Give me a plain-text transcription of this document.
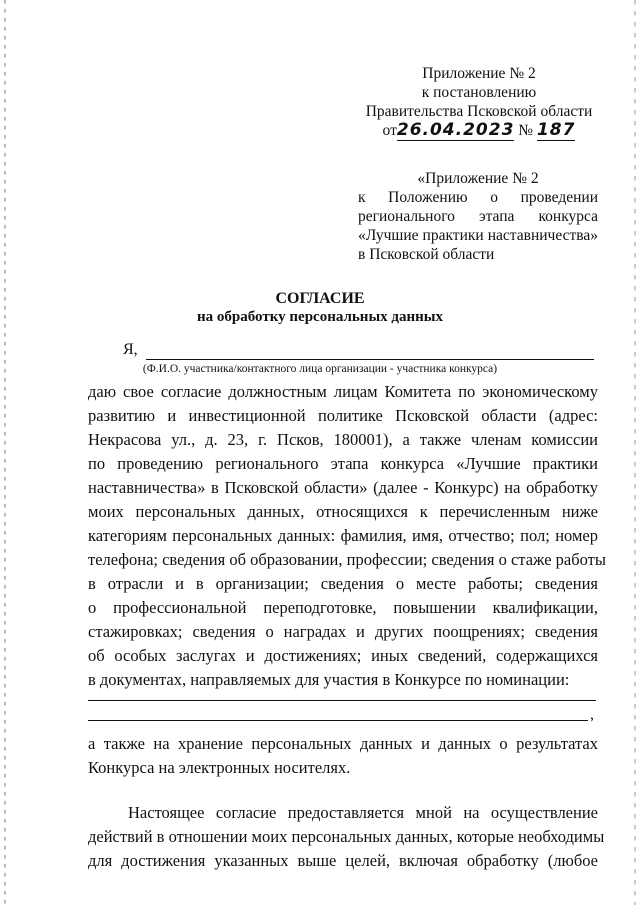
Приложение № 2
к постановлению
Правительства Псковской области
от26.04.2023 № 187
«Приложение № 2
к Положению о проведении
регионального этапа конкурса
«Лучшие практики наставничества»
в Псковской области
СОГЛАСИЕ
на обработку персональных данных
Я,
(Ф.И.О. участника/контактного лица организации - участника конкурса)
даю свое согласие должностным лицам Комитета по экономическому
развитию и инвестиционной политике Псковской области (адрес:
Некрасова ул., д. 23, г. Псков, 180001), а также членам комиссии
по проведению регионального этапа конкурса «Лучшие практики
наставничества» в Псковской области» (далее - Конкурс) на обработку
моих персональных данных, относящихся к перечисленным ниже
категориям персональных данных: фамилия, имя, отчество; пол; номер
телефона; сведения об образовании, профессии; сведения о стаже работы
в отрасли и в организации; сведения о месте работы; сведения
о профессиональной переподготовке, повышении квалификации,
стажировках; сведения о наградах и других поощрениях; сведения
об особых заслугах и достижениях; иных сведений, содержащихся
в документах, направляемых для участия в Конкурсе по номинации:
,
а также на хранение персональных данных и данных о результатах
Конкурса на электронных носителях.
Настоящее согласие предоставляется мной на осуществление
действий в отношении моих персональных данных, которые необходимы
для достижения указанных выше целей, включая обработку (любое
